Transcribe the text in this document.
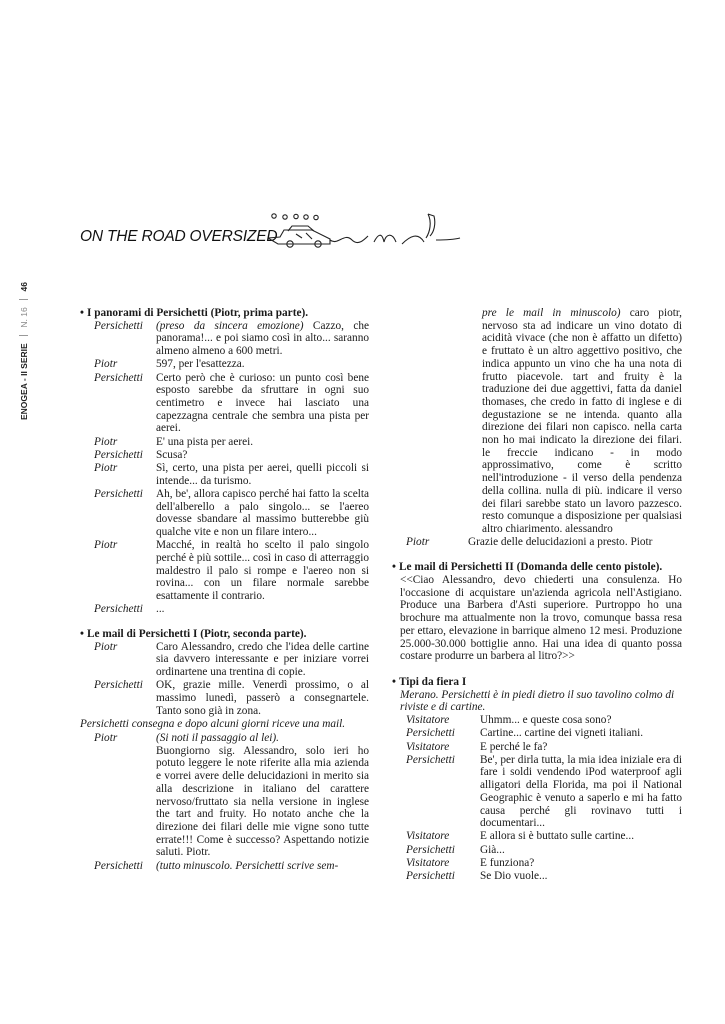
ON THE ROAD OVERSIZED
ENOGEA - II SERIE  N. 16  46
• I panorami di Persichetti (Piotr, prima parte).
Persichetti	(preso da sincera emozione) Cazzo, che panorama!... e poi siamo così in alto... saranno almeno almeno a 600 metri.
Piotr	597, per l'esattezza.
Persichetti	Certo però che è curioso: un punto così bene esposto sarebbe da sfruttare in ogni suo centimetro e invece hai lasciato una capezzagna centrale che sembra una pista per aerei.
Piotr	E' una pista per aerei.
Persichetti	Scusa?
Piotr	Sì, certo, una pista per aerei, quelli piccoli si intende... da turismo.
Persichetti	Ah, be', allora capisco perché hai fatto la scelta dell'alberello a palo singolo... se l'aereo dovesse sbandare al massimo butterebbe giù qualche vite e non un filare intero...
Piotr	Macché, in realtà ho scelto il palo singolo perché è più sottile... così in caso di atterraggio maldestro il palo si rompe e l'aereo non si rovina... con un filare normale sarebbe esattamente il contrario.
Persichetti	...
• Le mail di Persichetti I (Piotr, seconda parte).
Piotr	Caro Alessandro, credo che l'idea delle cartine sia davvero interessante e per iniziare vorrei ordinartene una trentina di copie.
Persichetti	OK, grazie mille. Venerdì prossimo, o al massimo lunedì, passerò a consegnartele. Tanto sono già in zona.
Persichetti consegna e dopo alcuni giorni riceve una mail.
Piotr	(Si noti il passaggio al lei).
Buongiorno sig. Alessandro, solo ieri ho potuto leggere le note riferite alla mia azienda e vorrei avere delle delucidazioni in merito sia alla descrizione in italiano del carattere nervoso/fruttato sia nella versione in inglese the tart and fruity. Ho notato anche che la direzione dei filari delle mie vigne sono tutte errate!!! Come è successo? Aspettando notizie saluti. Piotr.
Persichetti	(tutto minuscolo. Persichetti scrive sem-
pre le mail in minuscolo) caro piotr, nervoso sta ad indicare un vino dotato di acidità vivace (che non è affatto un difetto) e fruttato è un altro aggettivo positivo, che indica appunto un vino che ha una nota di frutto piacevole. tart and fruity è la traduzione dei due aggettivi, fatta da daniel thomases, che credo in fatto di inglese e di degustazione se ne intenda. quanto alla direzione dei filari non capisco. nella carta non ho mai indicato la direzione dei filari. le freccie indicano - in modo approssimativo, come è scritto nell'introduzione - il verso della pendenza della collina. nulla di più. indicare il verso dei filari sarebbe stato un lavoro pazzesco. resto comunque a disposizione per qualsiasi altro chiarimento. alessandro
Piotr	Grazie delle delucidazioni a presto. Piotr
• Le mail di Persichetti II (Domanda delle cento pistole).
<<Ciao Alessandro, devo chiederti una consulenza. Ho l'occasione di acquistare un'azienda agricola nell'Astigiano. Produce una Barbera d'Asti superiore. Purtroppo ho una brochure ma attualmente non la trovo, comunque bassa resa per ettaro, elevazione in barrique almeno 12 mesi. Produzione 25.000-30.000 bottiglie anno. Hai una idea di quanto possa costare produrre un barbera al litro?>>
• Tipi da fiera I
Merano. Persichetti è in piedi dietro il suo tavolino colmo di riviste e di cartine.
Visitatore	Uhmm... e queste cosa sono?
Persichetti	Cartine... cartine dei vigneti italiani.
Visitatore	E perché le fa?
Persichetti	Be', per dirla tutta, la mia idea iniziale era di fare i soldi vendendo iPod waterproof agli alligatori della Florida, ma poi il National Geographic è venuto a saperlo e mi ha fatto causa perché gli rovinavo tutti i documentari...
Visitatore	E allora si è buttato sulle cartine...
Persichetti	Già...
Visitatore	E funziona?
Persichetti	Se Dio vuole...
